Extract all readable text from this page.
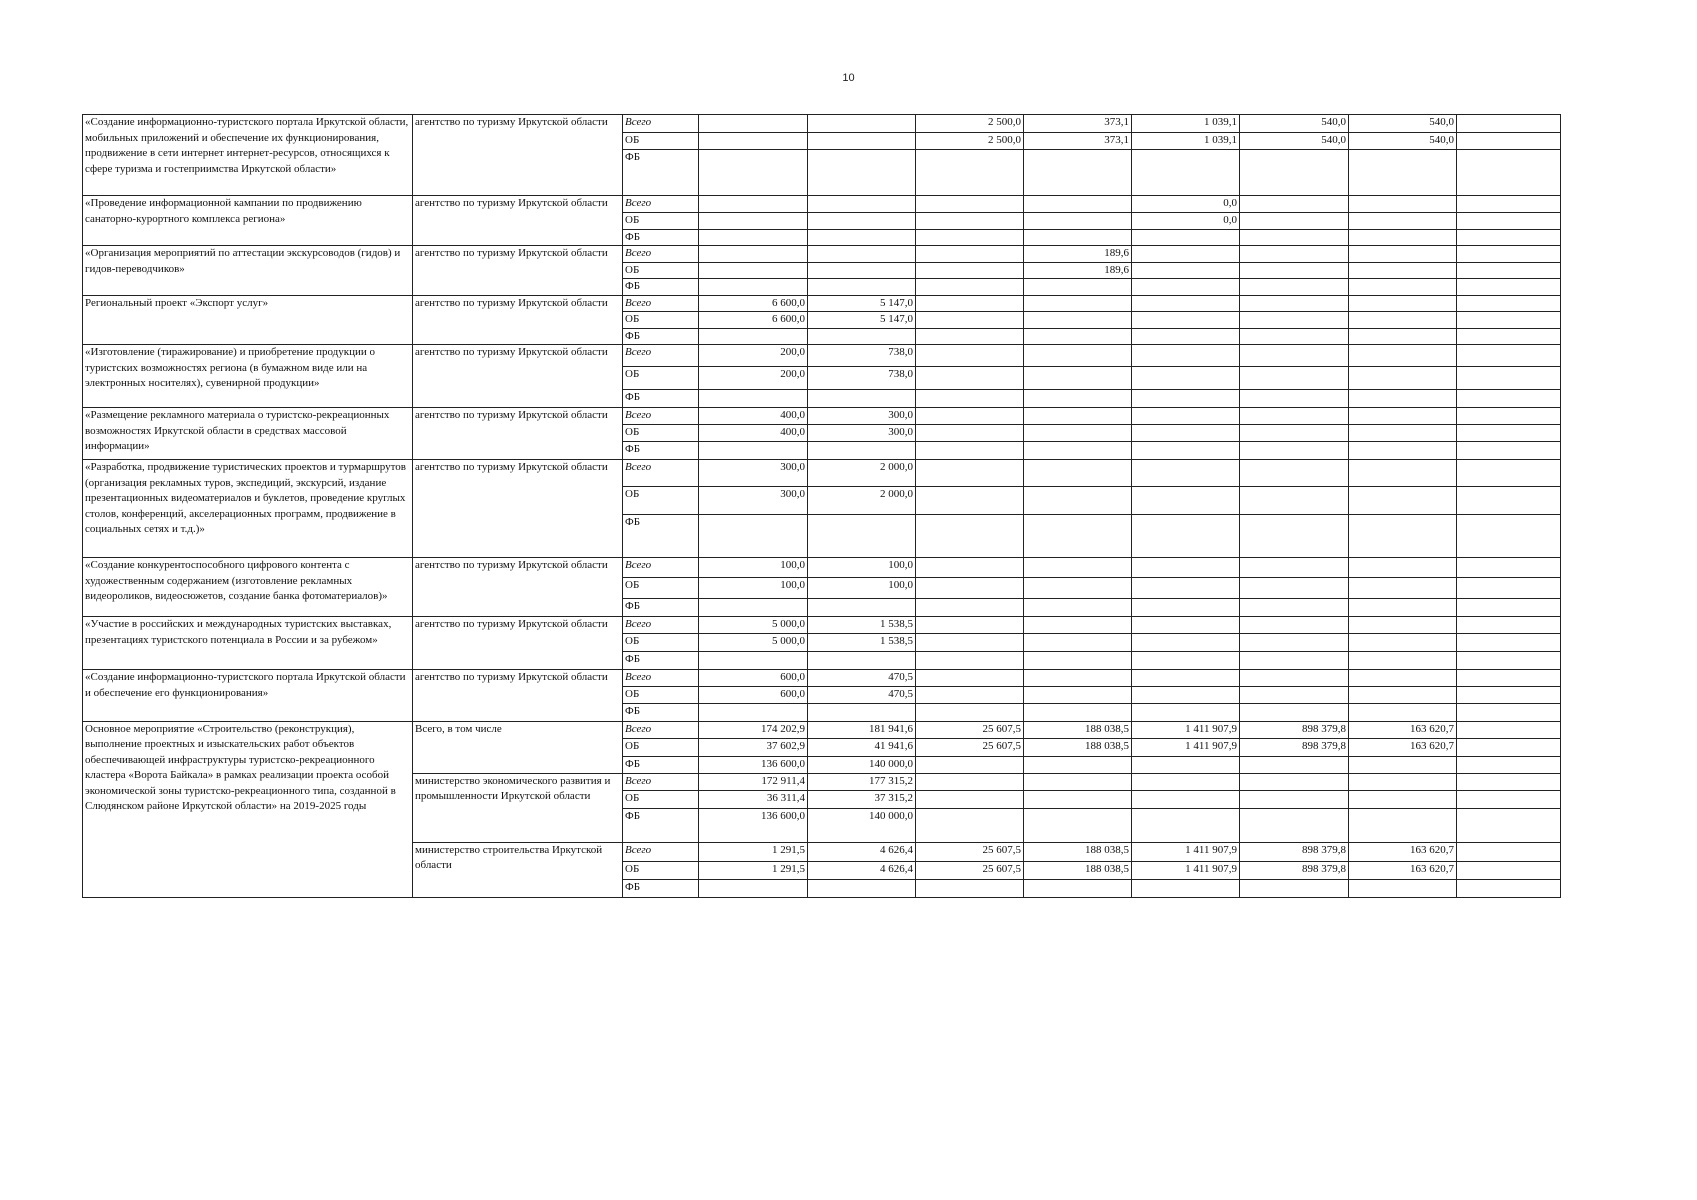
10
«Создание информационно-туристского портала Иркутской области, мобильных приложений и обеспечение их функционирования, продвижение в сети интернет интернет-ресурсов, относящихся к сфере туризма и гостеприимства Иркутской области»	агентство по туризму Иркутской области	Всего			2 500,0	373,1	1 039,1	540,0	540,0	
		ОБ			2 500,0	373,1	1 039,1	540,0	540,0	
		ФБ								
«Проведение информационной кампании по продвижению санаторно-курортного комплекса региона»	агентство по туризму Иркутской области	Всего					0,0			
		ОБ					0,0			
		ФБ								
«Организация мероприятий по аттестации экскурсоводов (гидов) и гидов-переводчиков»	агентство по туризму Иркутской области	Всего				189,6				
		ОБ				189,6				
		ФБ								
Региональный проект «Экспорт услуг»	агентство по туризму Иркутской области	Всего	6 600,0	5 147,0						
		ОБ	6 600,0	5 147,0						
		ФБ								
«Изготовление (тиражирование) и приобретение продукции о туристских возможностях региона (в бумажном виде или на электронных носителях), сувенирной продукции»	агентство по туризму Иркутской области	Всего	200,0	738,0						
		ОБ	200,0	738,0						
		ФБ								
«Размещение рекламного материала о туристско-рекреационных возможностях Иркутской области в средствах массовой информации»	агентство по туризму Иркутской области	Всего	400,0	300,0						
		ОБ	400,0	300,0						
		ФБ								
«Разработка, продвижение туристических проектов и турмаршрутов (организация рекламных туров, экспедиций, экскурсий, издание презентационных видеоматериалов и буклетов, проведение круглых столов, конференций, акселерационных программ, продвижение в социальных сетях и т.д.)»	агентство по туризму Иркутской области	Всего	300,0	2 000,0						
		ОБ	300,0	2 000,0						
		ФБ								
«Создание конкурентоспособного цифрового контента с художественным содержанием (изготовление рекламных видеороликов, видеосюжетов, создание банка фотоматериалов)»	агентство по туризму Иркутской области	Всего	100,0	100,0						
		ОБ	100,0	100,0						
		ФБ								
«Участие в российских и международных туристских выставках, презентациях туристского потенциала в России и за рубежом»	агентство по туризму Иркутской области	Всего	5 000,0	1 538,5						
		ОБ	5 000,0	1 538,5						
		ФБ								
«Создание информационно-туристского портала Иркутской области и обеспечение его функционирования»	агентство по туризму Иркутской области	Всего	600,0	470,5						
		ОБ	600,0	470,5						
		ФБ								
Основное мероприятие «Строительство (реконструкция), выполнение проектных и изыскательских работ объектов обеспечивающей инфраструктуры туристско-рекреационного кластера «Ворота Байкала» в рамках реализации проекта особой экономической зоны туристско-рекреационного типа, созданной в Слюдянском районе Иркутской области» на 2019-2025 годы	Всего, в том числе	Всего	174 202,9	181 941,6	25 607,5	188 038,5	1 411 907,9	898 379,8	163 620,7	
		ОБ	37 602,9	41 941,6	25 607,5	188 038,5	1 411 907,9	898 379,8	163 620,7	
		ФБ	136 600,0	140 000,0						
	министерство экономического развития и промышленности Иркутской области	Всего	172 911,4	177 315,2						
		ОБ	36 311,4	37 315,2						
		ФБ	136 600,0	140 000,0						
	министерство строительства Иркутской области	Всего	1 291,5	4 626,4	25 607,5	188 038,5	1 411 907,9	898 379,8	163 620,7	
		ОБ	1 291,5	4 626,4	25 607,5	188 038,5	1 411 907,9	898 379,8	163 620,7	
		ФБ								
